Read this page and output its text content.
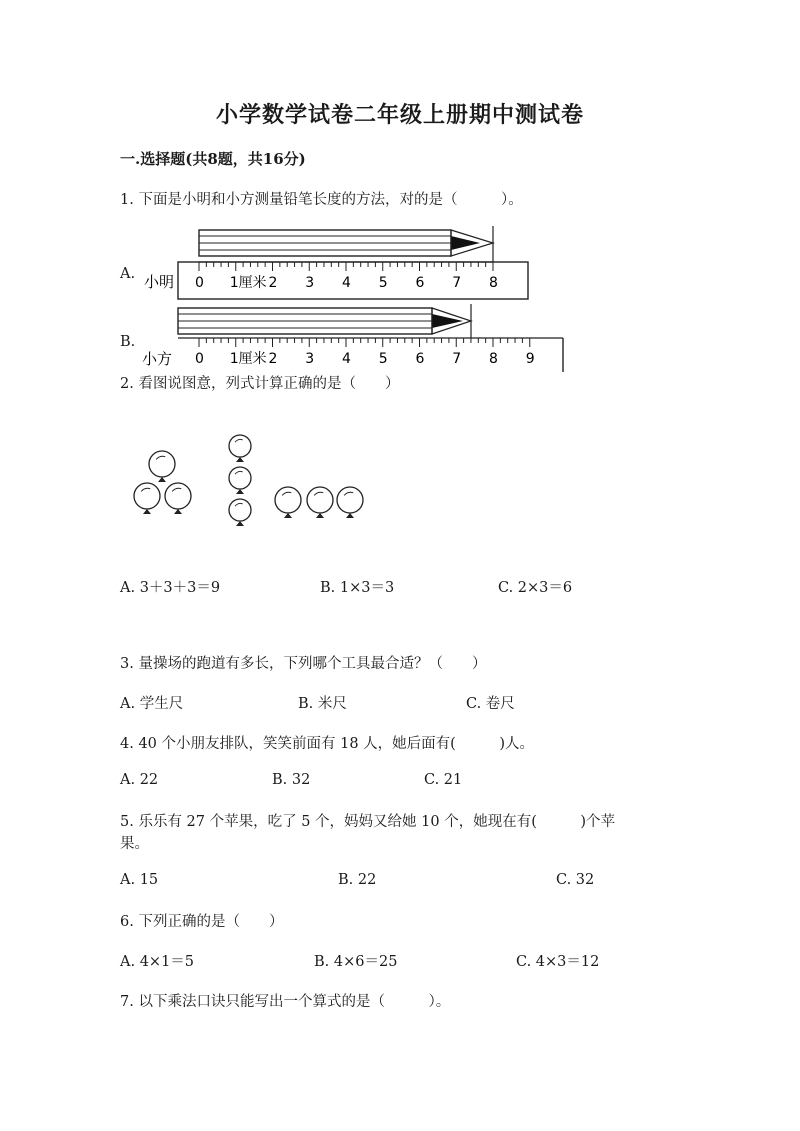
小学数学试卷二年级上册期中测试卷
一.选择题(共8题，共16分)
1. 下面是小明和小方测量铅笔长度的方法，对的是（　　　）。
A.
B.
小明 0 1厘米 2 3 4 5 6 7 8
小方 0 1厘米 2 3 4 5 6 7 8 9
2. 看图说图意，列式计算正确的是（　　）
A. 3＋3＋3＝9	B. 1×3＝3	C. 2×3＝6
3. 量操场的跑道有多长，下列哪个工具最合适？（　　）
A. 学生尺	B. 米尺	C. 卷尺
4. 40 个小朋友排队，笑笑前面有 18 人，她后面有(　　　)人。
A. 22	B. 32	C. 21
5. 乐乐有 27 个苹果，吃了 5 个，妈妈又给她 10 个，她现在有(　　　)个苹
果。
A. 15	B. 22	C. 32
6. 下列正确的是（　　）
A. 4×1＝5	B. 4×6＝25	C. 4×3＝12
7. 以下乘法口诀只能写出一个算式的是（　　　）。
